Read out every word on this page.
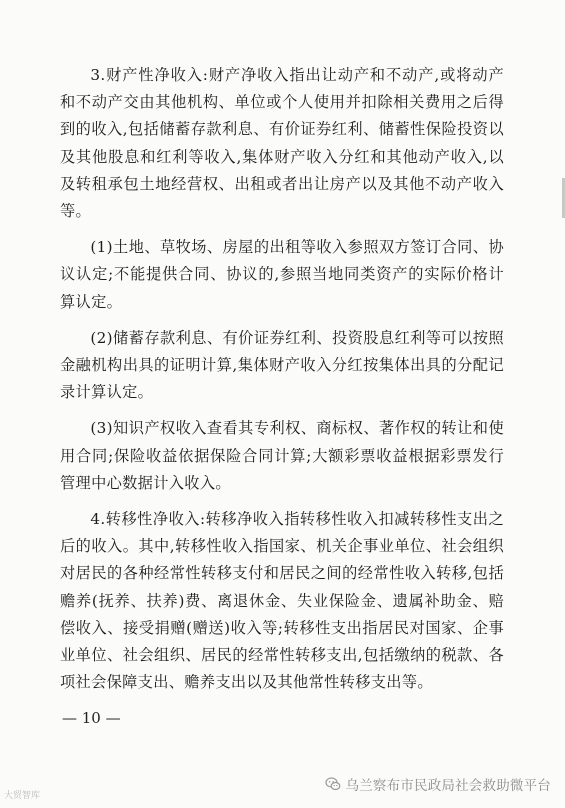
3.财产性净收入:财产净收入指出让动产和不动产,或将动产和不动产交由其他机构、单位或个人使用并扣除相关费用之后得到的收入,包括储蓄存款利息、有价证券红利、储蓄性保险投资以及其他股息和红利等收入,集体财产收入分红和其他动产收入,以及转租承包土地经营权、出租或者出让房产以及其他不动产收入等。

(1)土地、草牧场、房屋的出租等收入参照双方签订合同、协议认定;不能提供合同、协议的,参照当地同类资产的实际价格计算认定。

(2)储蓄存款利息、有价证券红利、投资股息红利等可以按照金融机构出具的证明计算,集体财产收入分红按集体出具的分配记录计算认定。

(3)知识产权收入查看其专利权、商标权、著作权的转让和使用合同;保险收益依据保险合同计算;大额彩票收益根据彩票发行管理中心数据计入收入。

4.转移性净收入:转移净收入指转移性收入扣减转移性支出之后的收入。其中,转移性收入指国家、机关企事业单位、社会组织对居民的各种经常性转移支付和居民之间的经常性收入转移,包括赡养(抚养、扶养)费、离退休金、失业保险金、遗属补助金、赔偿收入、接受捐赠(赠送)收入等;转移性支出指居民对国家、企事业单位、社会组织、居民的经常性转移支出,包括缴纳的税款、各项社会保障支出、赡养支出以及其他常性转移支出等。

— 10 —
大贸智库
乌兰察布市民政局社会救助微平台
